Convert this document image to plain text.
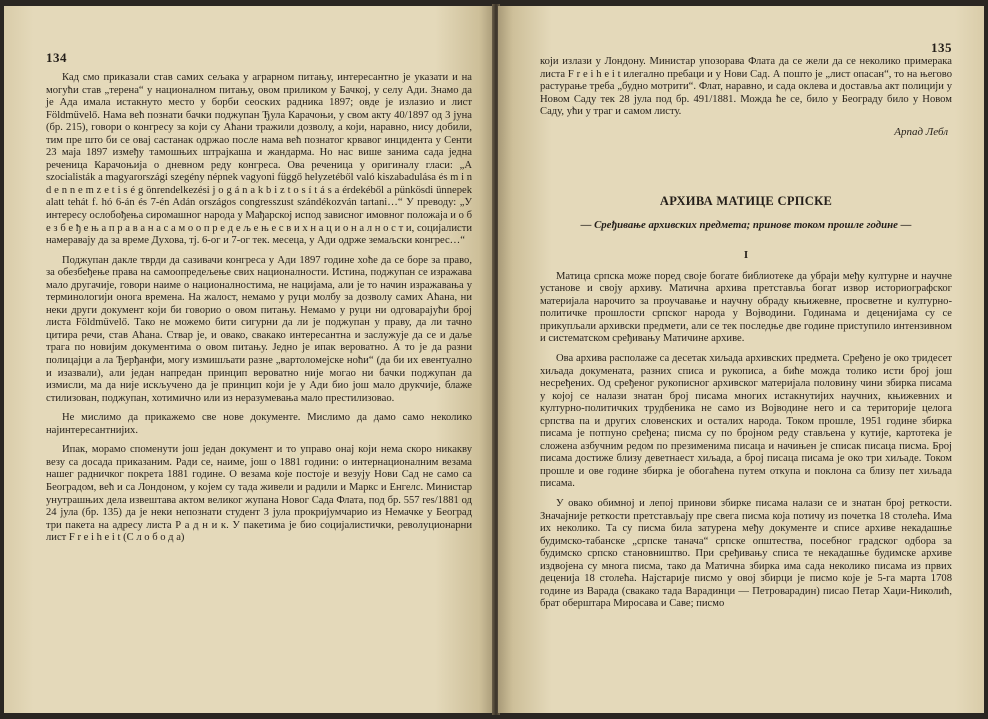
134

Кад смо приказали став самих сељака у аграрном питању, интересантно је указати и на могући став „терена“ у националном питању, овом приликом у Бачкој, у селу Ади. Знамо да је Ада имала истакнуто место у борби сеоских радника 1897; овде је излазио и лист Földmüvelő. Нама већ познати бачки поджупан Ђула Карачоњи, у свом акту 40/1897 од 3 јуна (бр. 215), говори о конгресу за који су Аћани тражили дозволу, а који, наравно, нису добили, тим пре што би се овај састанак одржао после нама већ познатог крвавог инцидента у Сенти 23 маја 1897 између тамошњих штрајкаша и жандарма. Но нас више занима сада једна реченица Карачоњија о дневном реду конгреса. Ова реченица у оригиналу гласи: „A szocialisták a magyarországi szegény népnek vagyoni függő helyzetéből való kiszabadulása és m i n d e n n e m z e t i s é g önrendelkezési j o g á n a k b i z t o s í t á s a érdekéből a pünkösdi ünnepek alatt tehát f. hó 6-án és 7-én Adán országos congresszust szándékozván tartani…“ У преводу: „У интересу ослобођења сиромашног народа у Мађарској испод зависног имовног положаја и о б е з б е ђ е њ а п р а в а н а с а м о о п р е д е љ е њ е с в и х н а ц и о н а л н о с т и, социјалисти намеравају да за време Духова, тј. 6-ог и 7-ог тек. месеца, у Ади одрже земаљски конгрес…“

Поджупан дакле тврди да сазивачи конгреса у Ади 1897 године хоће да се боре за право, за обезбеђење права на самоопредељење свих националности. Истина, поджупан се изражава мало другачије, говори наиме о националностима, не нацијама, али је то начин изражавања у терминологији онога времена. На жалост, немамо у руци молбу за дозволу самих Аћана, ни неки други документ који би говорио о овом питању. Немамо у руци ни одговарајући број листа Földmüvelő. Тако не можемо бити сигурни да ли је поджупан у праву, да ли тачно цитира речи, став Аћана. Ствар је, и овако, свакако интересантна и заслужује да се и даље трага по новијим документима о овом питању. Једно је ипак вероватно. А то је да разни полицајци а ла Ђерђанфи, могу измишљати разне „вартоломејске ноћи“ (да би их евентуално и изазвали), али један напредан принцип вероватно није могао ни бачки поджупан да измисли, ма да није искључено да је принцип који је у Ади био још мало друкчије, блаже стилизован, поджупан, хотимично или из неразумевања мало престилизовао.

Не мислимо да прикажемо све нове документе. Мислимо да дамо само неколико најинтересантнијих.

Ипак, морамо споменути још један документ и то управо онај који нема скоро никакву везу са досада приказаним. Ради се, наиме, још о 1881 години: о интернационалним везама нашег радничког покрета 1881 године. О везама које постоје и везују Нови Сад не само са Београдом, већ и са Лондоном, у којем су тада живели и радили и Маркс и Енгелс. Министар унутрашњих дела извештава актом великог жупана Новог Сада Флата, под бр. 557 res/1881 од 24 јула (бр. 135) да је неки непознати студент 3 јула прокријумчарио из Немачке у Београд три пакета на адресу листа Р а д н и к. У пакетима је био социјалистички, револуционарни лист F r e i h e i t (С л о б о д а)

135

који излази у Лондону. Министар упозорава Флата да се жели да се неколико примерака листа F r e i h e i t илегално пребаци и у Нови Сад. А пошто је „лист опасан“, то на његово растурање треба „будно мотрити“. Флат, наравно, и сада оклева и доставља акт полицији у Новом Саду тек 28 јула под бр. 491/1881. Можда ће се, било у Београду било у Новом Саду, ући у траг и самом листу.

Арпад Лебл
АРХИВА МАТИЦЕ СРПСКЕ
— Сређивање архивских предмета; принове током прошле године —
I

Матица српска може поред своје богате библиотеке да убраји међу културне и научне установе и своју архиву. Матична архива претставља богат извор историографског материјала нарочито за проучавање и научну обраду књижевне, просветне и културно-политичке прошлости српског народа у Војводини. Годинама и деценијама су се прикупљали архивски предмети, али се тек последње две године приступило интензивном и систематском сређивању Матичине архиве.

Ова архива располаже са десетак хиљада архивских предмета. Сређено је око тридесет хиљада докумената, разних списа и рукописа, а биће можда толико исти број још несређених. Од сређеног рукописног архивског материјала половину чини збирка писама у којој се налази знатан број писама многих истакнутијих научних, књижевних и културно-политичких трудбеника не само из Војводине него и са територије целога српства па и других словенских и осталих народа. Током прошле, 1951 године збирка писама је потпуно сређена; писма су по бројном реду стављена у кутије, картотека је сложена азбучним редом по презименима писаца и начињен је списак писаца писма. Број писама достиже близу деветнаест хиљада, а број писаца писама је око три хиљаде. Током прошле и ове године збирка је обогаћена путем откупа и поклона са близу пет хиљада писама.

У овако обимној и лепој принови збирке писама налази се и знатан број реткости. Значајније реткости претстављају пре свега писма која потичу из почетка 18 столећа. Има их неколико. Та су писма била затурена међу документе и списе архиве некадашње будимско-табанске „српске танача“ српске општества, посебног градског одбора за будимско српско становништво. При сређивању списа те некадашње будимске архиве издвојена су многа писма, тако да Матична збирка има сада неколико писама из првих деценија 18 столећа. Најстарије писмо у овој збирци је писмо које је 5-га марта 1708 године из Варада (свакако тада Варадинци — Петроварадин) писао Петар Хаџи-Николић, брат оберштара Миросава и Саве; писмо
